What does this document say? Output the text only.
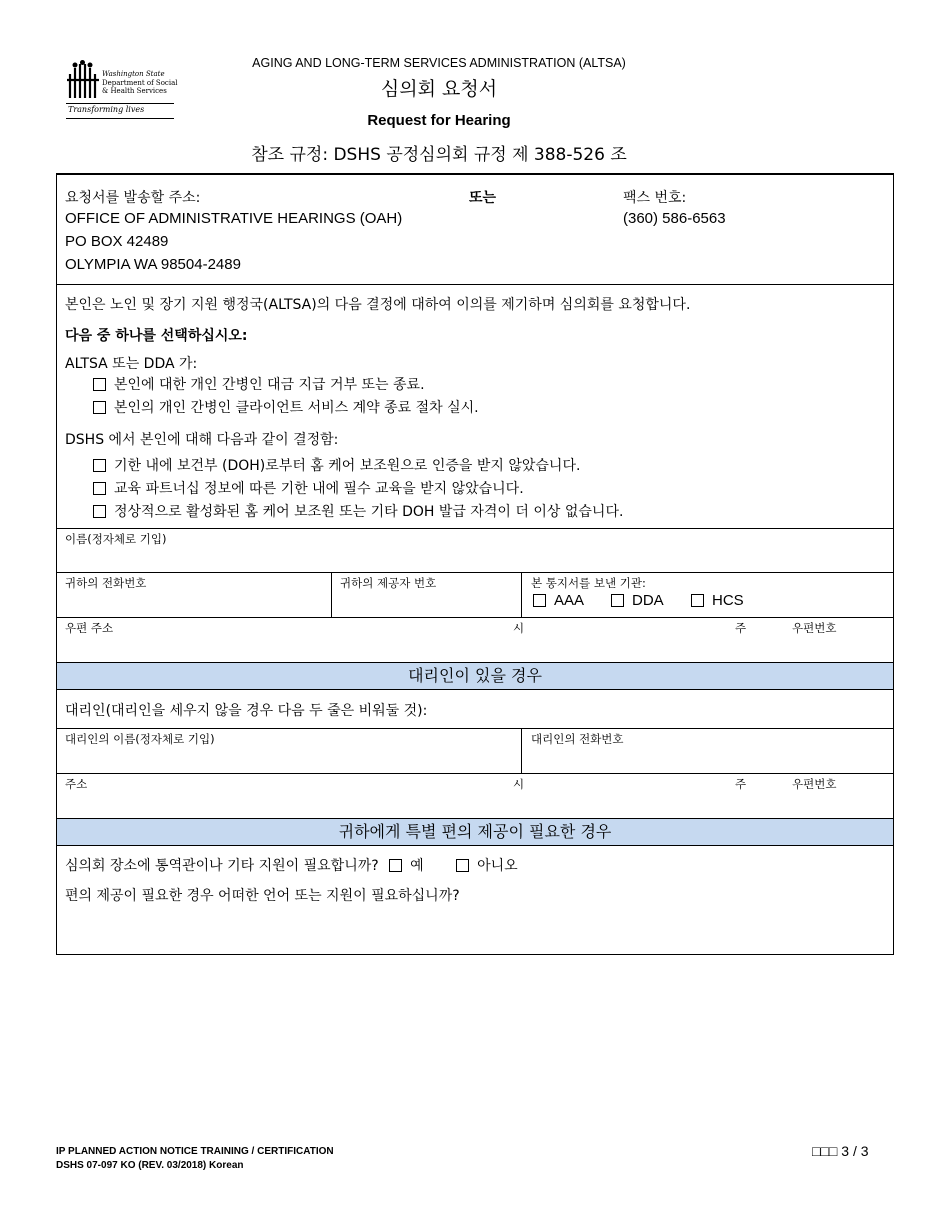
Washington State
Department of Social
& Health Services
Transforming lives
AGING AND LONG-TERM SERVICES ADMINISTRATION (ALTSA)
심의회 요청서
Request for Hearing
참조 규정: DSHS 공정심의회 규정 제 388-526 조
요청서를 발송할 주소:	또는	팩스 번호:
OFFICE OF ADMINISTRATIVE HEARINGS (OAH)	(360) 586-6563
PO BOX 42489
OLYMPIA WA 98504-2489
본인은 노인 및 장기 지원 행정국(ALTSA)의 다음 결정에 대하여 이의를 제기하며 심의회를 요청합니다.
다음 중 하나를 선택하십시오:
ALTSA 또는 DDA 가:
본인에 대한 개인 간병인 대금 지급 거부 또는 종료.
본인의 개인 간병인 클라이언트 서비스 계약 종료 절차 실시.
DSHS 에서 본인에 대해 다음과 같이 결정함:
기한 내에 보건부 (DOH)로부터 홈 케어 보조원으로 인증을 받지 않았습니다.
교육 파트너십 정보에 따른 기한 내에 필수 교육을 받지 않았습니다.
정상적으로 활성화된 홈 케어 보조원 또는 기타 DOH 발급 자격이 더 이상 없습니다.
이름(정자체로 기입)
귀하의 전화번호	귀하의 제공자 번호	본 통지서를 보낸 기관:
AAA	DDA	HCS
우편 주소	시	주	우편번호
대리인이 있을 경우
대리인(대리인을 세우지 않을 경우 다음 두 줄은 비워둘 것):
대리인의 이름(정자체로 기입)	대리인의 전화번호
주소	시	주	우편번호
귀하에게 특별 편의 제공이 필요한 경우
심의회 장소에 통역관이나 기타 지원이 필요합니까? 예	아니오
편의 제공이 필요한 경우 어떠한 언어 또는 지원이 필요하십니까?
IP PLANNED ACTION NOTICE TRAINING / CERTIFICATION
DSHS 07-097 KO (REV. 03/2018) Korean
□□□ 3 / 3
